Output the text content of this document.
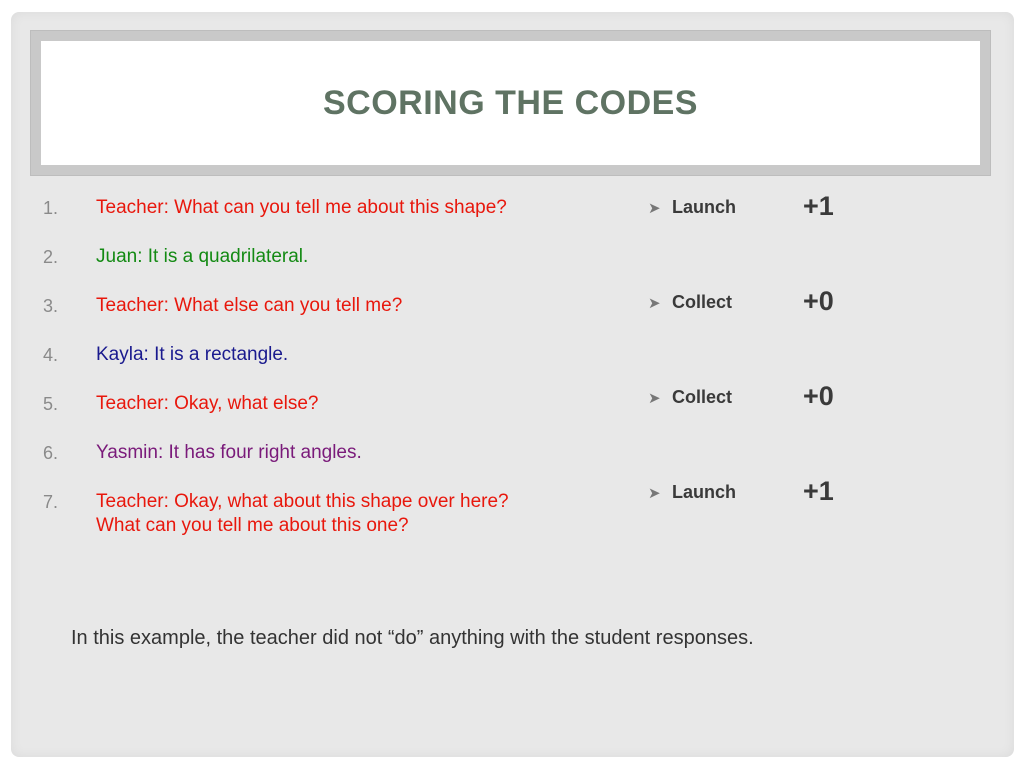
SCORING THE CODES
1. Teacher: What can you tell me about this shape?
2. Juan: It is a quadrilateral.
3. Teacher: What else can you tell me?
4. Kayla: It is a rectangle.
5. Teacher: Okay, what else?
6. Yasmin: It has four right angles.
7. Teacher: Okay, what about this shape over here?
What can you tell me about this one?
➤ Launch +1
➤ Collect	+0
➤ Collect	+0
➤ Launch +1
In this example, the teacher did not “do” anything with the student responses.
